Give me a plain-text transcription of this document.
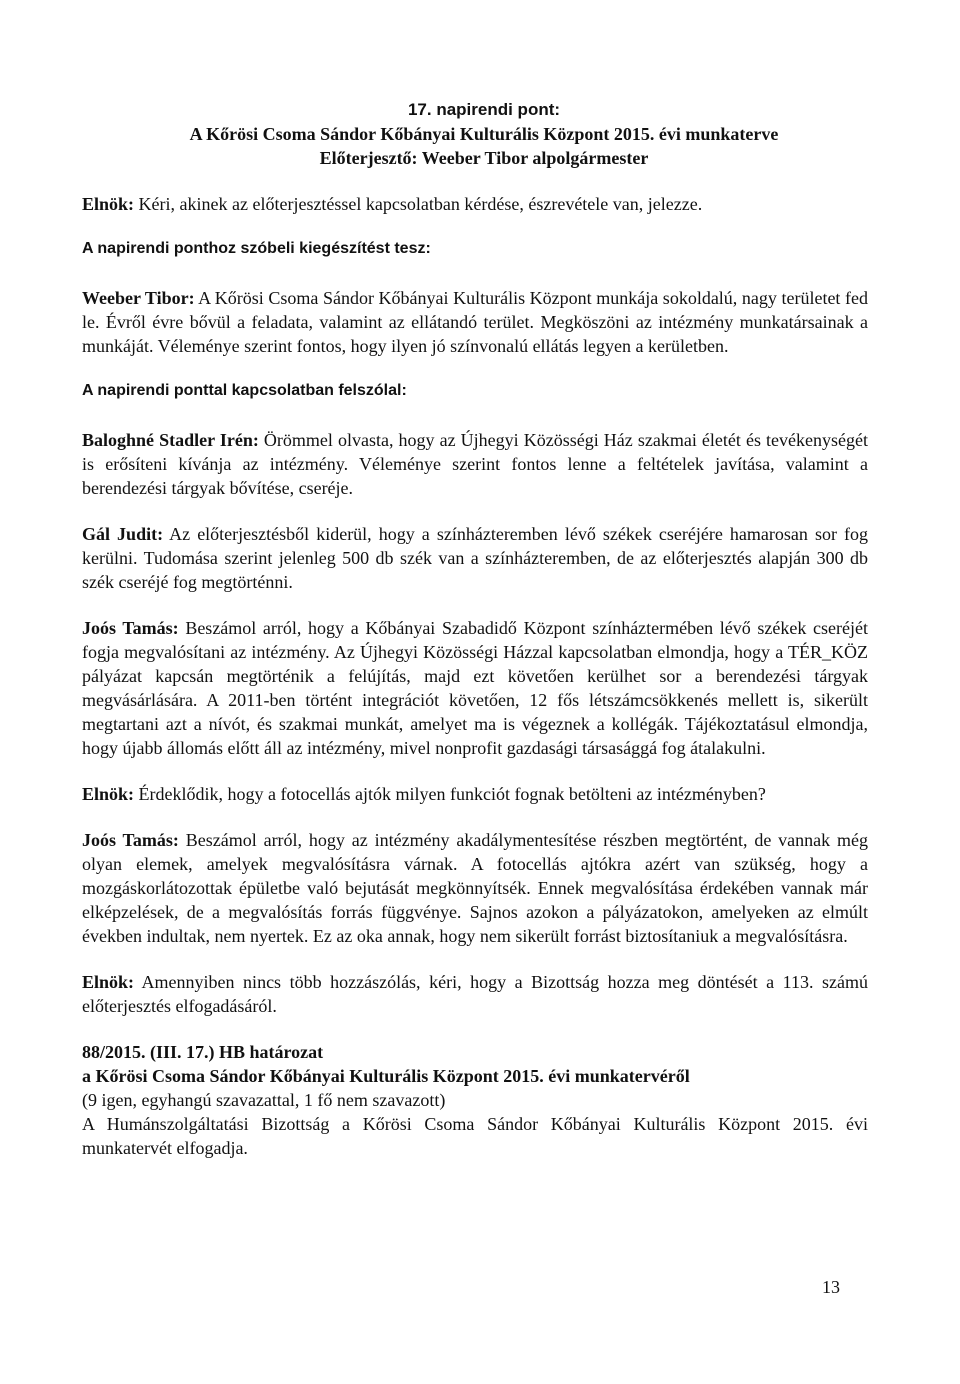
17. napirendi pont:
A Kőrösi Csoma Sándor Kőbányai Kulturális Központ 2015. évi munkaterve
Előterjesztő: Weeber Tibor alpolgármester

Elnök: Kéri, akinek az előterjesztéssel kapcsolatban kérdése, észrevétele van, jelezze.

A napirendi ponthoz szóbeli kiegészítést tesz:

Weeber Tibor: A Kőrösi Csoma Sándor Kőbányai Kulturális Központ munkája sokoldalú, nagy területet fed le. Évről évre bővül a feladata, valamint az ellátandó terület. Megköszöni az intézmény munkatársainak a munkáját. Véleménye szerint fontos, hogy ilyen jó színvonalú ellátás legyen a kerületben.

A napirendi ponttal kapcsolatban felszólal:

Baloghné Stadler Irén: Örömmel olvasta, hogy az Újhegyi Közösségi Ház szakmai életét és tevékenységét is erősíteni kívánja az intézmény. Véleménye szerint fontos lenne a feltételek javítása, valamint a berendezési tárgyak bővítése, cseréje.

Gál Judit: Az előterjesztésből kiderül, hogy a színházteremben lévő székek cseréjére hamarosan sor fog kerülni. Tudomása szerint jelenleg 500 db szék van a színházteremben, de az előterjesztés alapján 300 db szék cseréjé fog megtörténni.

Joós Tamás: Beszámol arról, hogy a Kőbányai Szabadidő Központ színháztermében lévő székek cseréjét fogja megvalósítani az intézmény. Az Újhegyi Közösségi Házzal kapcsolatban elmondja, hogy a TÉR_KÖZ pályázat kapcsán megtörténik a felújítás, majd ezt követően kerülhet sor a berendezési tárgyak megvásárlására. A 2011-ben történt integrációt követően, 12 fős létszámcsökkenés mellett is, sikerült megtartani azt a nívót, és szakmai munkát, amelyet ma is végeznek a kollégák. Tájékoztatásul elmondja, hogy újabb állomás előtt áll az intézmény, mivel nonprofit gazdasági társasággá fog átalakulni.

Elnök: Érdeklődik, hogy a fotocellás ajtók milyen funkciót fognak betölteni az intézményben?

Joós Tamás: Beszámol arról, hogy az intézmény akadálymentesítése részben megtörtént, de vannak még olyan elemek, amelyek megvalósításra várnak. A fotocellás ajtókra azért van szükség, hogy a mozgáskorlátozottak épületbe való bejutását megkönnyítsék. Ennek megvalósítása érdekében vannak már elképzelések, de a megvalósítás forrás függvénye. Sajnos azokon a pályázatokon, amelyeken az elmúlt években indultak, nem nyertek. Ez az oka annak, hogy nem sikerült forrást biztosítaniuk a megvalósításra.

Elnök: Amennyiben nincs több hozzászólás, kéri, hogy a Bizottság hozza meg döntését a 113. számú előterjesztés elfogadásáról.

88/2015. (III. 17.) HB határozat
a Kőrösi Csoma Sándor Kőbányai Kulturális Központ 2015. évi munkatervéről

(9 igen, egyhangú szavazattal, 1 fő nem szavazott)

A Humánszolgáltatási Bizottság a Kőrösi Csoma Sándor Kőbányai Kulturális Központ 2015. évi munkatervét elfogadja.

13
